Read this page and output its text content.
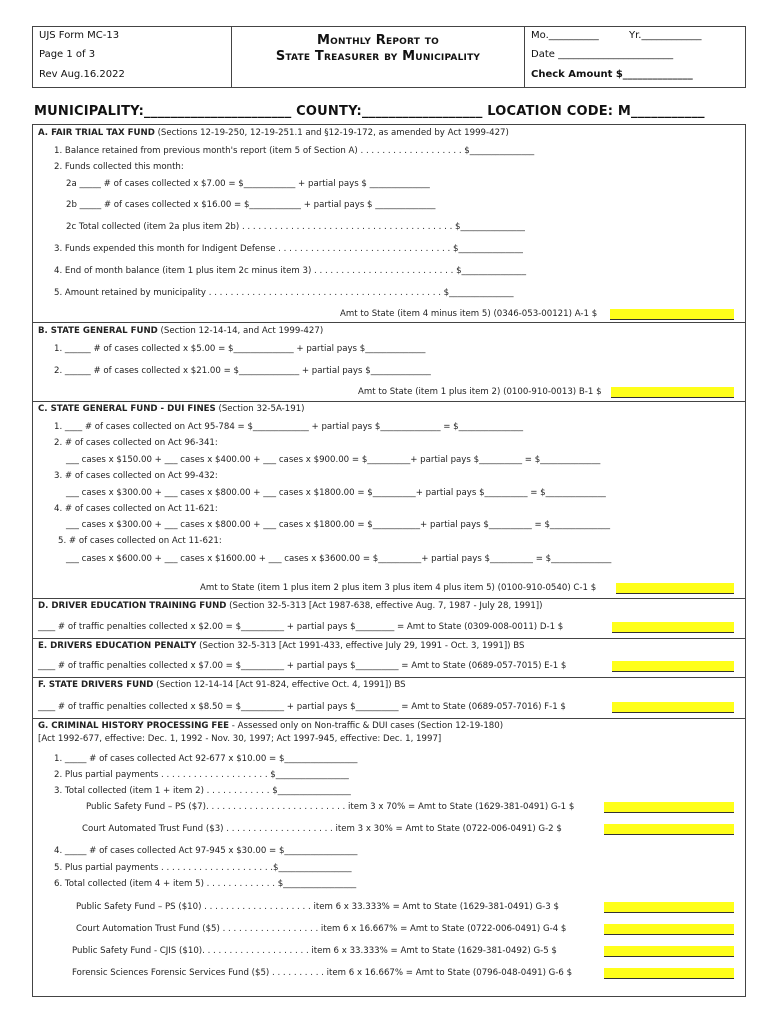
UJS Form MC-13
Page 1 of 3
Rev Aug.16.2022
Monthly Report to
State Treasurer by Municipality
Mo.__________	Yr.____________
Date _______________________
Check Amount $______________
MUNICIPALITY:______________________ COUNTY:__________________ LOCATION CODE: M___________
A. FAIR TRIAL TAX FUND (Sections 12-19-250, 12-19-251.1 and §12-19-172, as amended by Act 1999-427)
1. Balance retained from previous month's report (item 5 of Section A) . . . . . . . . . . . . . . . . . . . $_______________
2. Funds collected this month:
2a _____ # of cases collected x $7.00 = $____________ + partial pays $ ______________
2b _____ # of cases collected x $16.00 = $____________ + partial pays $ ______________
2c Total collected (item 2a plus item 2b) . . . . . . . . . . . . . . . . . . . . . . . . . . . . . . . . . . . . . . . $_______________
3. Funds expended this month for Indigent Defense . . . . . . . . . . . . . . . . . . . . . . . . . . . . . . . . $_______________
4. End of month balance (item 1 plus item 2c minus item 3) . . . . . . . . . . . . . . . . . . . . . . . . . . $_______________
5. Amount retained by municipality . . . . . . . . . . . . . . . . . . . . . . . . . . . . . . . . . . . . . . . . . . . $_______________
Amt to State (item 4 minus item 5) (0346-053-00121) A-1 $
B. STATE GENERAL FUND (Section 12-14-14, and Act 1999-427)
1. ______ # of cases collected x $5.00 = $______________ + partial pays $______________
2. ______ # of cases collected x $21.00 = $______________ + partial pays $______________
Amt to State (item 1 plus item 2) (0100-910-0013) B-1 $
C. STATE GENERAL FUND - DUI FINES (Section 32-5A-191)
1. ____ # of cases collected on Act 95-784 = $_____________ + partial pays $______________ = $_______________
2. # of cases collected on Act 96-341:
___ cases x $150.00 + ___ cases x $400.00 + ___ cases x $900.00 = $__________+ partial pays $__________ = $______________
3. # of cases collected on Act 99-432:
___ cases x $300.00 + ___ cases x $800.00 + ___ cases x $1800.00 = $__________+ partial pays $__________ = $______________
4. # of cases collected on Act 11-621:
___ cases x $300.00 + ___ cases x $800.00 + ___ cases x $1800.00 = $___________+ partial pays $__________ = $______________
5. # of cases collected on Act 11-621:
___ cases x $600.00 + ___ cases x $1600.00 + ___ cases x $3600.00 = $__________+ partial pays $__________ = $______________
Amt to State (item 1 plus item 2 plus item 3 plus item 4 plus item 5) (0100-910-0540) C-1 $
D. DRIVER EDUCATION TRAINING FUND (Section 32-5-313 [Act 1987-638, effective Aug. 7, 1987 - July 28, 1991])
____ # of traffic penalties collected x $2.00 = $__________ + partial pays $_________ = Amt to State (0309-008-0011) D-1 $
E. DRIVERS EDUCATION PENALTY (Section 32-5-313 [Act 1991-433, effective July 29, 1991 - Oct. 3, 1991]) BS
____ # of traffic penalties collected x $7.00 = $__________ + partial pays $__________ = Amt to State (0689-057-7015) E-1 $
F. STATE DRIVERS FUND (Section 12-14-14 [Act 91-824, effective Oct. 4, 1991]) BS
____ # of traffic penalties collected x $8.50 = $__________ + partial pays $__________ = Amt to State (0689-057-7016) F-1 $
G. CRIMINAL HISTORY PROCESSING FEE - Assessed only on Non-traffic & DUI cases (Section 12-19-180)
[Act 1992-677, effective: Dec. 1, 1992 - Nov. 30, 1997; Act 1997-945, effective: Dec. 1, 1997]
1. _____ # of cases collected Act 92-677 x $10.00 = $_________________
2. Plus partial payments . . . . . . . . . . . . . . . . . . . . $_________________
3. Total collected (item 1 + item 2) . . . . . . . . . . . . $_________________
Public Safety Fund – PS ($7). . . . . . . . . . . . . . . . . . . . . . . . . . item 3 x 70% = Amt to State (1629-381-0491) G-1 $
Court Automated Trust Fund ($3) . . . . . . . . . . . . . . . . . . . . item 3 x 30% = Amt to State (0722-006-0491) G-2 $
4. _____ # of cases collected Act 97-945 x $30.00 = $_________________
5. Plus partial payments . . . . . . . . . . . . . . . . . . . . .$_________________
6. Total collected (item 4 + item 5) . . . . . . . . . . . . . $_________________
Public Safety Fund – PS ($10) . . . . . . . . . . . . . . . . . . . . item 6 x 33.333% = Amt to State (1629-381-0491) G-3 $
Court Automation Trust Fund ($5) . . . . . . . . . . . . . . . . . . item 6 x 16.667% = Amt to State (0722-006-0491) G-4 $
Public Safety Fund - CJIS ($10). . . . . . . . . . . . . . . . . . . . item 6 x 33.333% = Amt to State (1629-381-0492) G-5 $
Forensic Sciences Forensic Services Fund ($5) . . . . . . . . . . item 6 x 16.667% = Amt to State (0796-048-0491) G-6 $
